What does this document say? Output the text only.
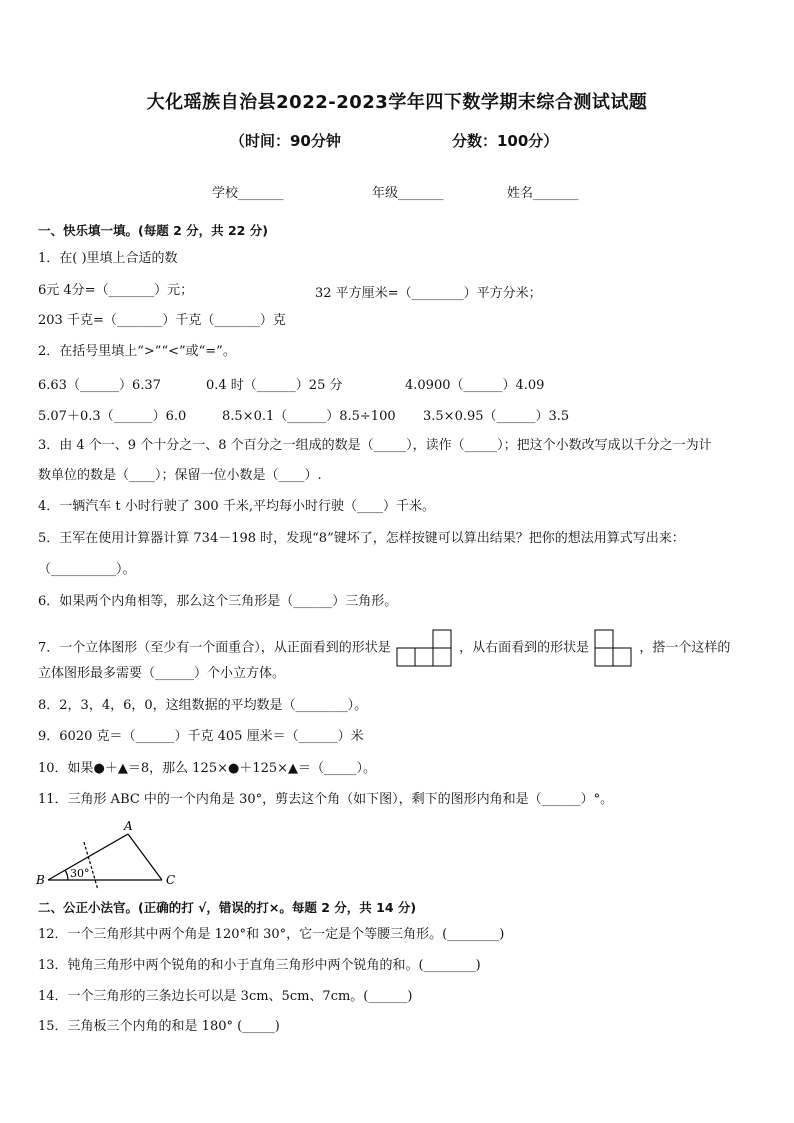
大化瑶族自治县2022-2023学年四下数学期末综合测试试题
（时间：90分钟	分数：100分）
学校_______	年级_______	姓名_______
一、快乐填一填。(每题 2 分，共 22 分)
1．在( )里填上合适的数
6元 4分=（_______）元；	32 平方厘米=（________）平方分米；
203 千克=（_______）千克（_______）克
2．在括号里填上“>”“<”或“=”。
6.63（______）6.37	0.4 时（______）25 分	4.0900（______）4.09
5.07＋0.3（______）6.0	8.5×0.1（______）8.5÷100 3.5×0.95（______）3.5
3．由 4 个一、9 个十分之一、8 个百分之一组成的数是（_____），读作（_____）；把这个小数改写成以千分之一为计
数单位的数是（____）；保留一位小数是（____）.
4．一辆汽车 t 小时行驶了 300 千米,平均每小时行驶（____）千米。
5．王军在使用计算器计算 734－198 时，发现“8”键坏了，怎样按键可以算出结果？把你的想法用算式写出来：
（__________）。
6．如果两个内角相等，那么这个三角形是（______）三角形。
7．一个立体图形（至少有一个面重合），从正面看到的形状是	，从右面看到的形状是	，搭一个这样的
立体图形最多需要（______）个小立方体。
8．2，3，4，6，0，这组数据的平均数是（________）。
9．6020 克＝（______）千克 405 厘米＝（______）米
10．如果●＋▲＝8，那么 125×●＋125×▲＝（_____）。
11．三角形 ABC 中的一个内角是 30°，剪去这个角（如下图），剩下的图形内角和是（______）°。
A
B	C
30°
二、公正小法官。(正确的打 √，错误的打×。每题 2 分，共 14 分)
12．一个三角形其中两个角是 120°和 30°，它一定是个等腰三角形。(________)
13．钝角三角形中两个锐角的和小于直角三角形中两个锐角的和。(________)
14．一个三角形的三条边长可以是 3cm、5cm、7cm。(______)
15．三角板三个内角的和是 180° (_____)
